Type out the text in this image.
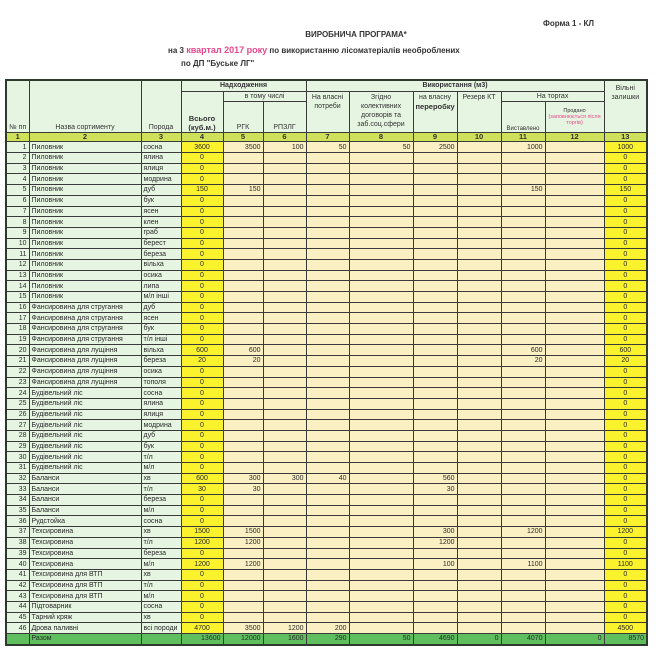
Форма 1 - КЛ
ВИРОБНИЧА ПРОГРАМА*
на 3 квартал 2017 року по використанню лісоматеріалів необроблених
по ДП "Буське ЛГ"
№ пп	Назва сортименту	Порода	Надходження			Використання (м3)						Вільні залишки
			Всього (куб.м.)	в тому числі		На власні потреби	Згідно колективних договорів та заб.соц.сфери	на власну
переробку	Резерв КТ	На торгах		
				РГК	РПЗЛГ					Виставлено	Продано
(заповнюється після торгів)	

1	2	3	4	5	6	7	8	9	10	11	12	13
1	Пиловник	сосна	3600	3500	100	50	50	2500		1000		1000
2	Пиловник	ялина	0									0
3	Пиловник	ялиця	0									0
4	Пиловник	модрина	0									0
5	Пиловник	дуб	150	150						150		150
6	Пиловник	бук	0									0
7	Пиловник	ясен	0									0
8	Пиловник	клен	0									0
9	Пиловник	граб	0									0
10	Пиловник	берест	0									0
11	Пиловник	береза	0									0
12	Пиловник	вільха	0									0
13	Пиловник	осика	0									0
14	Пиловник	липа	0									0
15	Пиловник	м/л інші	0									0
16	Фансировина для стругання	дуб	0									0
17	Фансировина для стругання	ясен	0									0
18	Фансировина для стругання	бук	0									0
19	Фансировина для стругання	т/л інші	0									0
20	Фансировина для лущіння	вільха	600	600						600		600
21	Фансировина для лущіння	береза	20	20						20		20
22	Фансировина для лущіння	осика	0									0
23	Фансировина для лущіння	тополя	0									0
24	Будівельний ліс	сосна	0									0
25	Будівельний ліс	ялина	0									0
26	Будівельний ліс	ялиця	0									0
27	Будівельний ліс	модрина	0									0
28	Будівельний ліс	дуб	0									0
29	Будівельний ліс	бук	0									0
30	Будівельний ліс	т/л	0									0
31	Будівельний ліс	м/л	0									0
32	Баланси	хв	600	300	300	40		560				0
33	Баланси	т/л	30	30				30				0
34	Баланси	береза	0									0
35	Баланси	м/л	0									0
36	Рудстойка	сосна	0									0
37	Техсировина	хв	1500	1500				300		1200		1200
38	Техсировина	т/л	1200	1200				1200				0
39	Техсировина	береза	0									0
40	Техсировина	м/л	1200	1200				100		1100		1100
41	Техсировина для ВТП	хв	0									0
42	Техсировина для ВТП	т/л	0									0
43	Техсировина для ВТП	м/л	0									0
44	Підтоварник	сосна	0									0
45	Тарний кряж	хв	0									0
46	Дрова паливні	всі породи	4700	3500	1200	200						4500
	Разом		13600	12000	1600	290	50	4690	0	4070	0	8570
